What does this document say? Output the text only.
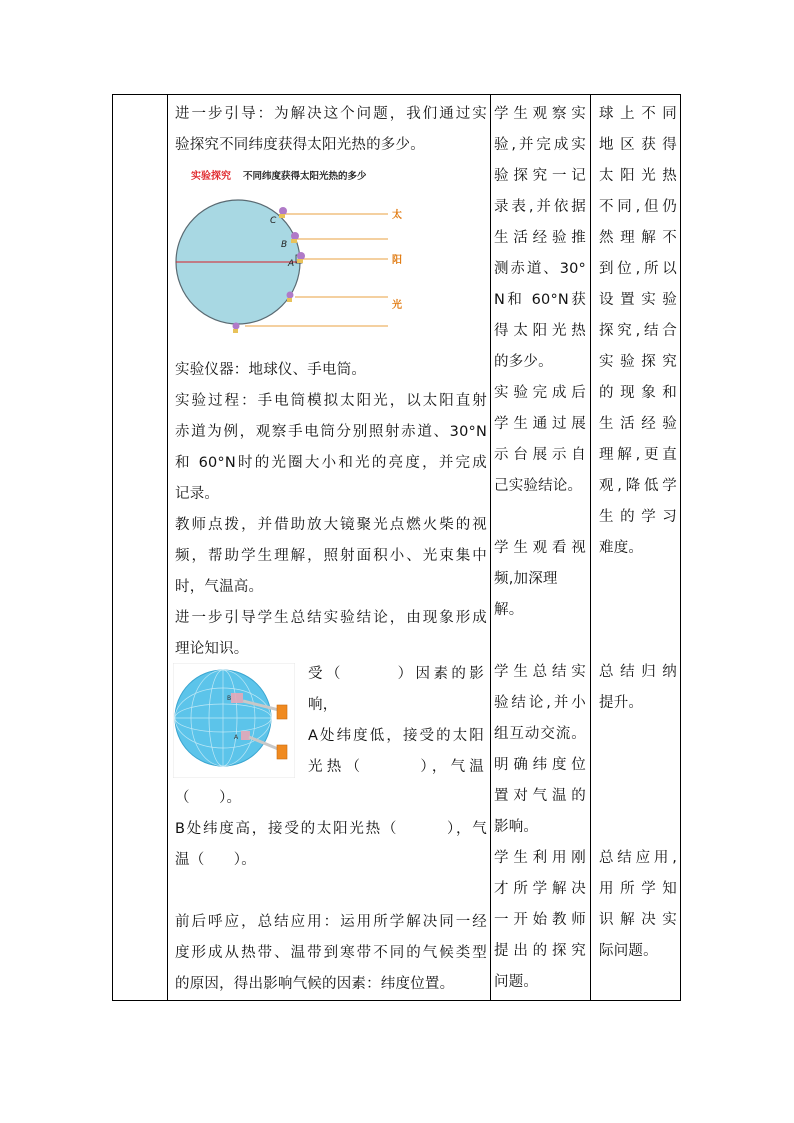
进一步引导：为解决这个问题，我们通过实

验探究不同纬度获得太阳光热的多少。

实验仪器：地球仪、手电筒。

实验过程：手电筒模拟太阳光，以太阳直射

赤道为例，观察手电筒分别照射赤道、30°N

和 60°N时的光圈大小和光的亮度，并完成

记录。

教师点拨，并借助放大镜聚光点燃火柴的视

频，帮助学生理解，照射面积小、光束集中

时，气温高。

进一步引导学生总结实验结论，由现象形成

理论知识。

实验探究 不同纬度获得太阳光热的多少
C
B
A
太
阳
光
B
A

受（　　　）因素的影

响，

A处纬度低，接受的太阳

光热（　　　），气温

（　　）。

B处纬度高，接受的太阳光热（　　　），气

温（　　）。

前后呼应，总结应用：运用所学解决同一经

度形成从热带、温带到寒带不同的气候类型

的原因，得出影响气候的因素：纬度位置。

学生观察实

验,并完成实

验探究一记

录表,并依据

生活经验推

测赤道、30°

N和 60°N获

得太阳光热

的多少。

实验完成后

学生通过展

示台展示自

己实验结论。

学生观看视

频,加深理解。

学生总结实

验结论,并小

组互动交流。

明确纬度位

置对气温的

影响。

学生利用刚

才所学解决

一开始教师

提出的探究

问题。

球上不同

地区获得

太阳光热

不同,但仍

然理解不

到位,所以

设置实验

探究,结合

实验探究

的现象和

生活经验

理解,更直

观,降低学

生的学习

难度。

总结归纳

提升。

总结应用,

用所学知

识解决实

际问题。
